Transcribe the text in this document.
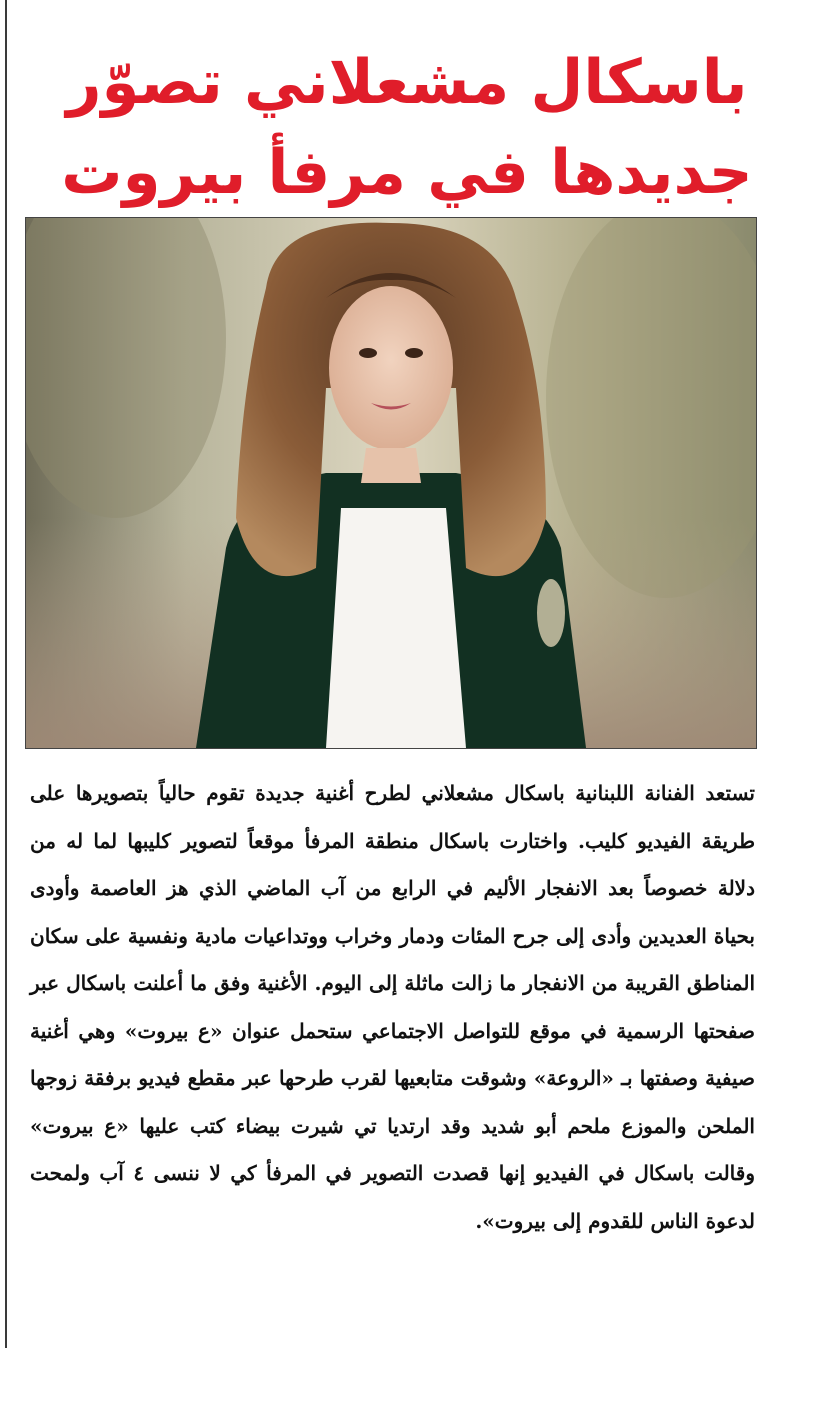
باسكال مشعلاني تصوّر
جديدها في مرفأ بيروت

تستعد الفنانة اللبنانية باسكال مشعلاني لطرح أغنية جديدة تقوم حالياً بتصويرها على طريقة الفيديو كليب. واختارت باسكال منطقة المرفأ موقعاً لتصوير كليبها لما له من دلالة خصوصاً بعد الانفجار الأليم في الرابع من آب الماضي الذي هز العاصمة وأودى بحياة العديدين وأدى إلى جرح المئات ودمار وخراب ووتداعيات مادية ونفسية على سكان المناطق القريبة من الانفجار ما زالت ماثلة إلى اليوم. الأغنية وفق ما أعلنت باسكال عبر صفحتها الرسمية في موقع للتواصل الاجتماعي ستحمل عنوان «ع بيروت» وهي أغنية صيفية وصفتها بـ «الروعة» وشوقت متابعيها لقرب طرحها عبر مقطع فيديو برفقة زوجها الملحن والموزع ملحم أبو شديد وقد ارتديا تي شيرت بيضاء كتب عليها «ع بيروت» وقالت باسكال في الفيديو إنها قصدت التصوير في المرفأ كي لا ننسى ٤ آب ولمحت لدعوة الناس للقدوم إلى بيروت».
